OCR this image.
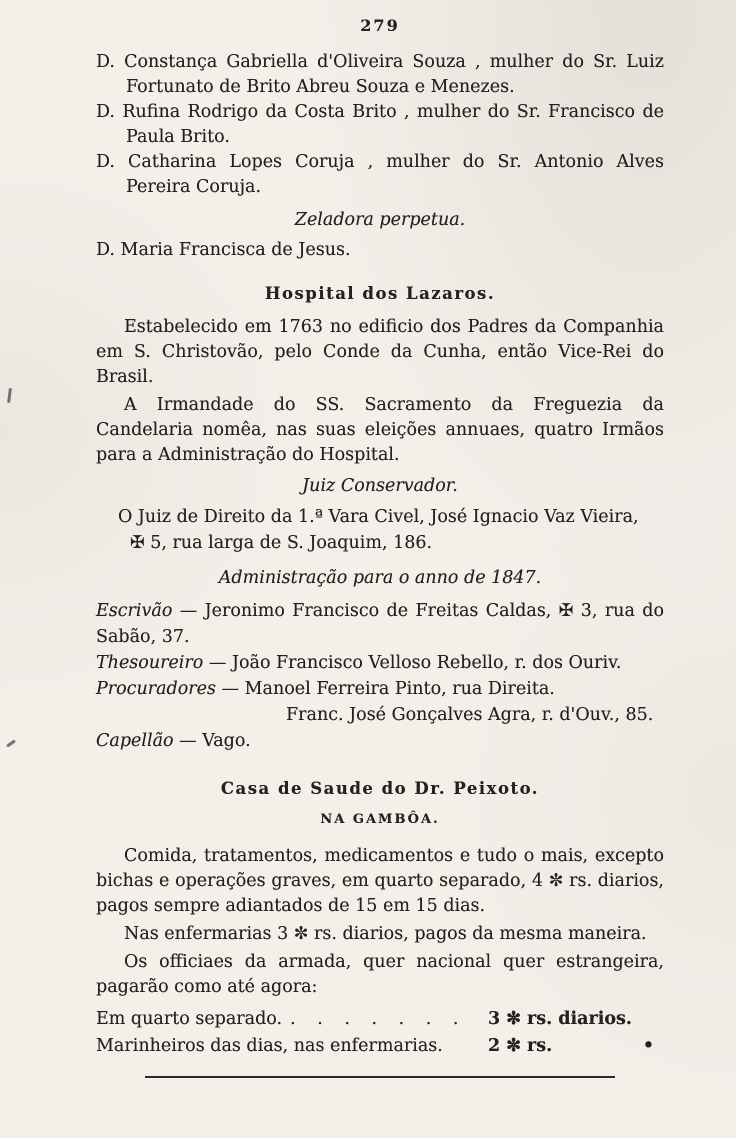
279

D. Constança Gabriella d'Oliveira Souza , mulher do Sr. Luiz Fortunato de Brito Abreu Souza e Menezes.

D. Rufina Rodrigo da Costa Brito , mulher do Sr. Francisco de Paula Brito.

D. Catharina Lopes Coruja , mulher do Sr. Antonio Alves Pereira Coruja.

Zeladora perpetua.

D. Maria Francisca de Jesus.

Hospital dos Lazaros.

Estabelecido em 1763 no edificio dos Padres da Companhia em S. Christovão, pelo Conde da Cunha, então Vice-Rei do Brasil.

A Irmandade do SS. Sacramento da Freguezia da Candelaria nomêa, nas suas eleições annuaes, quatro Irmãos para a Administração do Hospital.

Juiz Conservador.

O Juiz de Direito da 1.ª Vara Civel, José Ignacio Vaz Vieira,

✠ 5, rua larga de S. Joaquim, 186.

Administração para o anno de 1847.

Escrivão — Jeronimo Francisco de Freitas Caldas, ✠ 3, rua do Sabão, 37.

Thesoureiro — João Francisco Velloso Rebello, r. dos Ouriv.

Procuradores — Manoel Ferreira Pinto, rua Direita.

Franc. José Gonçalves Agra, r. d'Ouv., 85.

Capellão — Vago.

Casa de Saude do Dr. Peixoto.
NA GAMBÔA.

Comida, tratamentos, medicamentos e tudo o mais, excepto bichas e operações graves, em quarto separado, 4 ✼ rs. diarios, pagos sempre adiantados de 15 em 15 dias.

Nas enfermarias 3 ✼ rs. diarios, pagos da mesma maneira.

Os officiaes da armada, quer nacional quer estrangeira, pagarão como até agora:

Em quarto separado. . . . . . . .	3 ✼ rs. diarios.
Marinheiros das dias, nas enfermarias.	2 ✼ rs.	•
